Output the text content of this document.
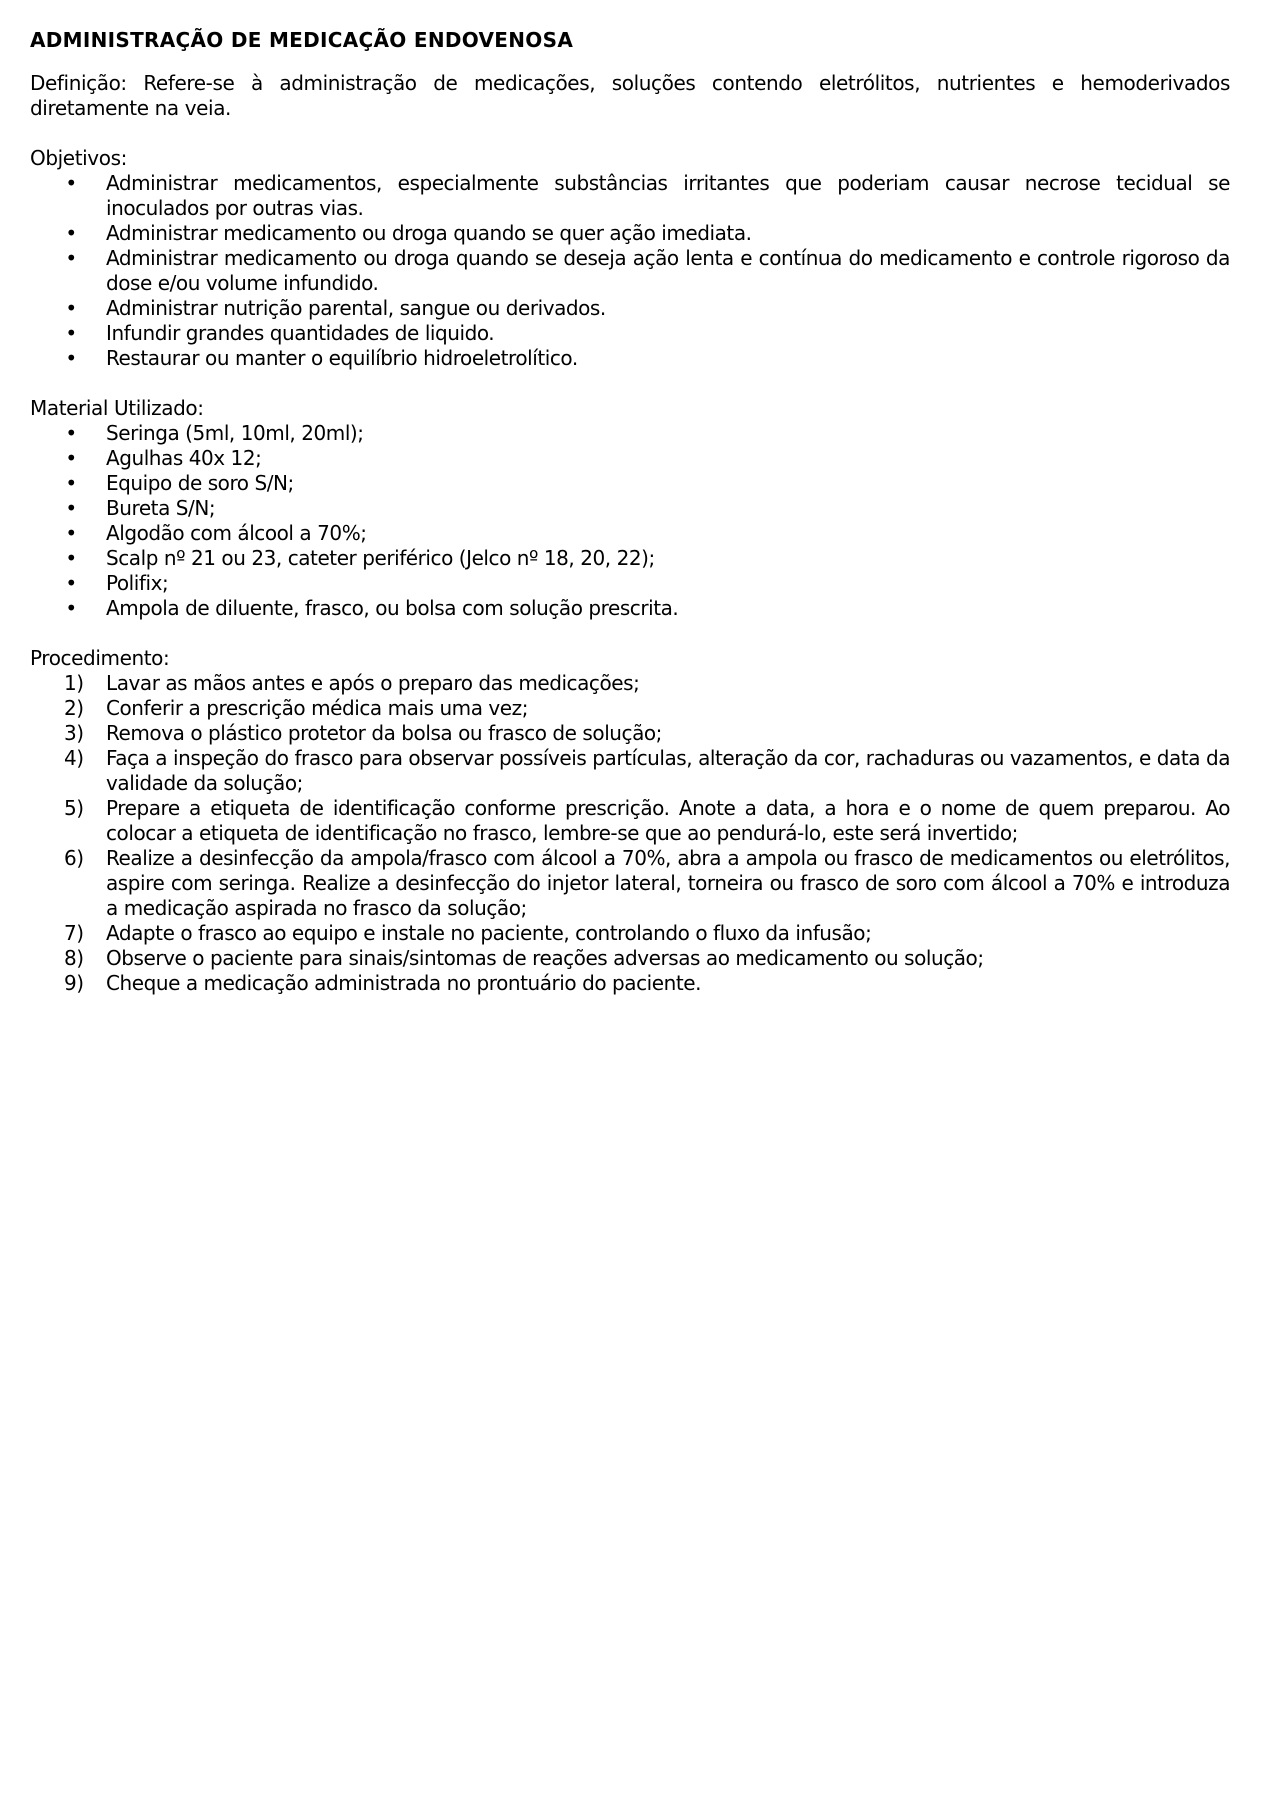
ADMINISTRAÇÃO DE MEDICAÇÃO ENDOVENOSA
Definição: Refere-se à administração de medicações, soluções contendo eletrólitos, nutrientes e hemoderivados diretamente na veia.
Objetivos:
• Administrar medicamentos, especialmente substâncias irritantes que poderiam causar necrose tecidual se inoculados por outras vias.
• Administrar medicamento ou droga quando se quer ação imediata.
• Administrar medicamento ou droga quando se deseja ação lenta e contínua do medicamento e controle rigoroso da dose e/ou volume infundido.
• Administrar nutrição parental, sangue ou derivados.
• Infundir grandes quantidades de liquido.
• Restaurar ou manter o equilíbrio hidroeletrolítico.
Material Utilizado:
• Seringa (5ml, 10ml, 20ml);
• Agulhas 40x 12;
• Equipo de soro S/N;
• Bureta S/N;
• Algodão com álcool a 70%;
• Scalp nº 21 ou 23, cateter periférico (Jelco nº 18, 20, 22);
• Polifix;
• Ampola de diluente, frasco, ou bolsa com solução prescrita.
Procedimento:
1)	Lavar as mãos antes e após o preparo das medicações;
2)	Conferir a prescrição médica mais uma vez;
3)	Remova o plástico protetor da bolsa ou frasco de solução;
4)	Faça a inspeção do frasco para observar possíveis partículas, alteração da cor, rachaduras ou vazamentos, e data da validade da solução;
5)	Prepare a etiqueta de identificação conforme prescrição. Anote a data, a hora e o nome de quem preparou. Ao colocar a etiqueta de identificação no frasco, lembre-se que ao pendurá-lo, este será invertido;
6)	Realize a desinfecção da ampola/frasco com álcool a 70%, abra a ampola ou frasco de medicamentos ou eletrólitos, aspire com seringa. Realize a desinfecção do injetor lateral, torneira ou frasco de soro com álcool a 70% e introduza a medicação aspirada no frasco da solução;
7)	Adapte o frasco ao equipo e instale no paciente, controlando o fluxo da infusão;
8)	Observe o paciente para sinais/sintomas de reações adversas ao medicamento ou solução;
9)	Cheque a medicação administrada no prontuário do paciente.
